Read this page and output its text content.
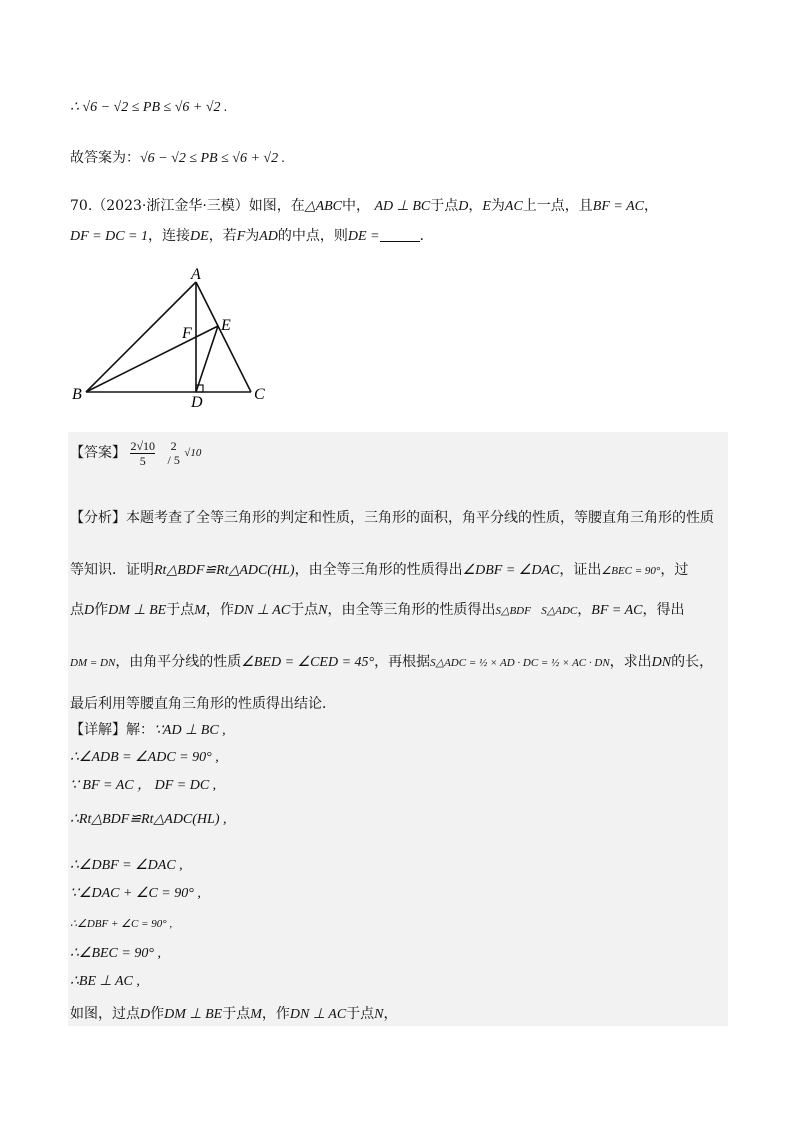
∴ √6 − √2 ≤ PB ≤ √6 + √2 .
故答案为：√6 − √2 ≤ PB ≤ √6 + √2 .
70.（2023·浙江金华·三模）如图，在△ABC中， AD ⊥ BC于点D，E为AC上一点，且BF = AC，
DF = DC = 1，连接DE，若F为AD的中点，则DE =	.
A
B	C
D
E
F
【答案】 $\frac{2√10}{5}$
2
/ 5 √10
【分析】本题考查了全等三角形的判定和性质，三角形的面积，角平分线的性质，等腰直角三角形的性质
等知识．证明Rt△BDF≌Rt△ADC(HL)，由全等三角形的性质得出∠DBF = ∠DAC，证出∠BEC = 90°，过
点D作DM ⊥ BE于点M，作DN ⊥ AC于点N，由全等三角形的性质得出S△BDF S△ADC，BF = AC，得出
DM = DN，由角平分线的性质∠BED = ∠CED = 45°，再根据S△ADC = ½ × AD · DC = ½ × AC · DN，求出DN的长，
最后利用等腰直角三角形的性质得出结论．
【详解】解：∵AD ⊥ BC ,
∴∠ADB = ∠ADC = 90° ,
∵ BF = AC ， DF = DC ,
∴Rt△BDF≌Rt△ADC(HL) ,
∴∠DBF = ∠DAC ,
∵∠DAC + ∠C = 90° ,
∴∠DBF + ∠C = 90° ,
∴∠BEC = 90° ,
∴BE ⊥ AC ,
如图，过点D作DM ⊥ BE于点M，作DN ⊥ AC于点N，
